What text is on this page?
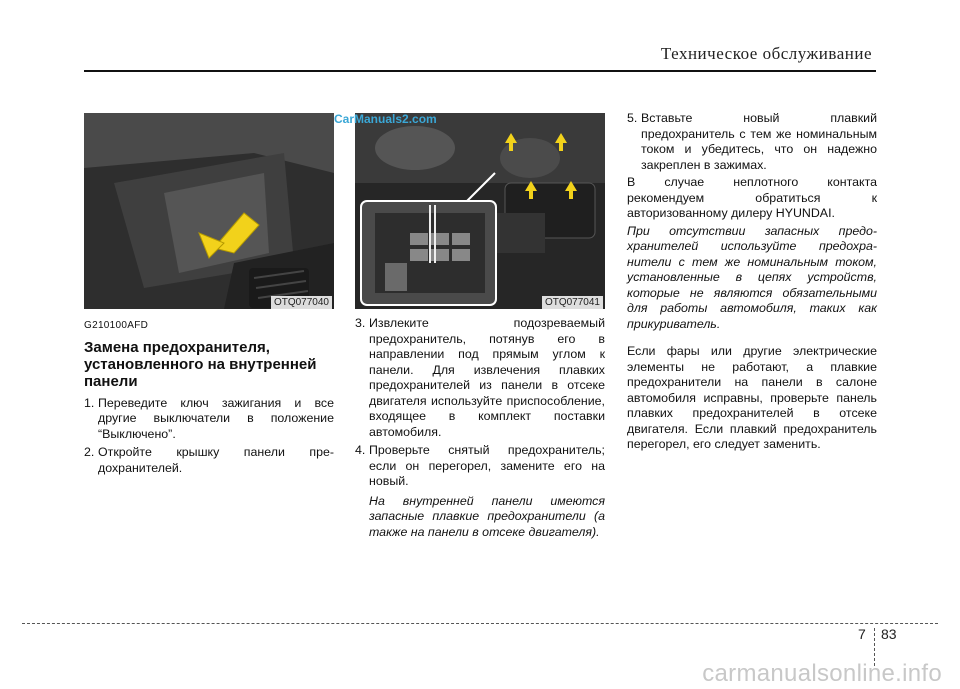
Техническое обслуживание
OTQ077040	OTQ077041
CarManuals2.com
G210100AFD
Замена предохранителя, установленного на внутренней панели
1. Переведите ключ зажигания и все другие выключатели в положение “Выключено”.
2. Откройте крышку панели пре-дохранителей.
3. Извлеките подозреваемый предохранитель, потянув его в направлении под прямым углом к панели. Для извлечения плавких предохранителей из панели в отсеке двигателя используйте приспособление, входящее в комплект поставки автомобиля.
4. Проверьте снятый предохранитель; если он перегорел, замените его на новый.
На внутренней панели имеются запасные плавкие предохранители (а также на панели в отсеке двигателя).
5. Вставьте новый плавкий предохранитель с тем же номинальным током и убедитесь, что он надежно закреплен в зажимах.
В случае неплотного контакта рекомендуем обратиться к авторизованному дилеру HYUNDAI.
При отсутствии запасных предо-хранителей используйте предохра-нители с тем же номинальным током, установленные в цепях устройств, которые не являются обязательными для работы автомобиля, таких как прикуриватель.
Если фары или другие электрические элементы не работают, а плавкие предохранители на панели в салоне автомобиля исправны, проверьте панель плавких предохранителей в отсеке двигателя. Если плавкий предохранитель перегорел, его следует заменить.
7 83
carmanualsonline.info
